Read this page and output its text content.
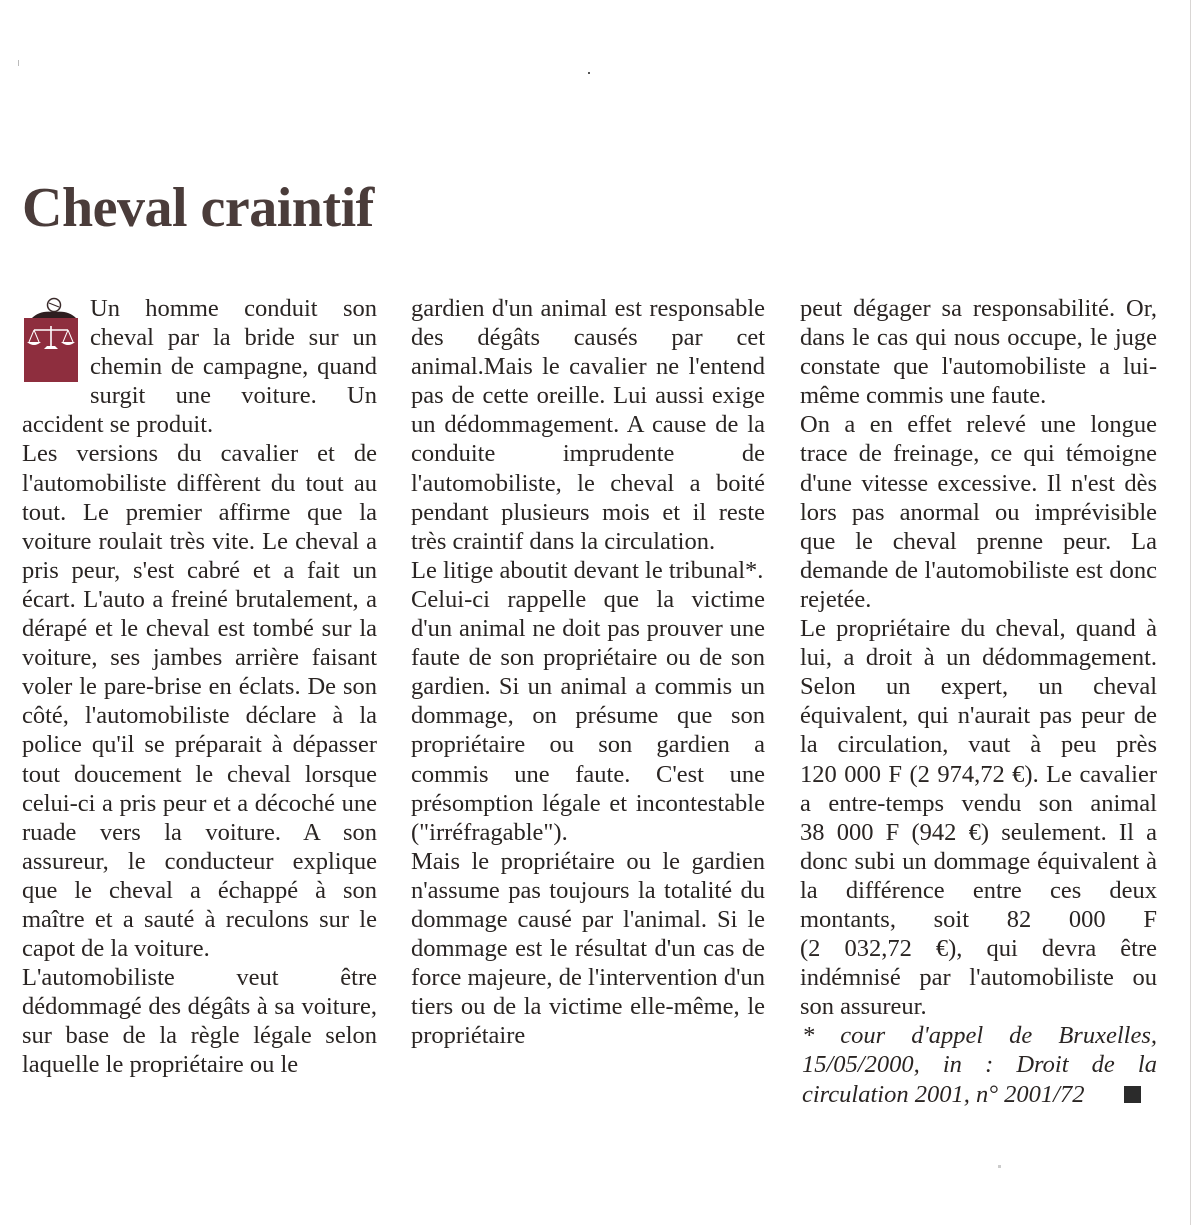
Cheval craintif

Un homme conduit son cheval par la bride sur un chemin de campagne, quand surgit une voiture. Un accident se produit.

Les versions du cavalier et de l'automobiliste diffèrent du tout au tout. Le premier affirme que la voiture roulait très vite. Le cheval a pris peur, s'est cabré et a fait un écart. L'auto a freiné brutalement, a dérapé et le cheval est tombé sur la voiture, ses jambes arrière faisant voler le pare-brise en éclats. De son côté, l'automobiliste déclare à la police qu'il se préparait à dépasser tout doucement le cheval lorsque celui-ci a pris peur et a décoché une ruade vers la voiture. A son assureur, le conducteur explique que le cheval a échappé à son maître et a sauté à reculons sur le capot de la voiture.

L'automobiliste veut être dédommagé des dégâts à sa voiture, sur base de la règle légale selon laquelle le propriétaire ou le

gardien d'un animal est responsable des dégâts causés par cet animal.Mais le cavalier ne l'entend pas de cette oreille. Lui aussi exige un dédommagement. A cause de la conduite imprudente de l'automobiliste, le cheval a boité pendant plusieurs mois et il reste très craintif dans la circulation.

Le litige aboutit devant le tribunal*.

Celui-ci rappelle que la victime d'un animal ne doit pas prouver une faute de son propriétaire ou de son gardien. Si un animal a commis un dommage, on présume que son propriétaire ou son gardien a commis une faute. C'est une présomption légale et incontestable ("irréfragable").

Mais le propriétaire ou le gardien n'assume pas toujours la totalité du dommage causé par l'animal. Si le dommage est le résultat d'un cas de force majeure, de l'intervention d'un tiers ou de la victime elle-même, le propriétaire

peut dégager sa responsabilité. Or, dans le cas qui nous occupe, le juge constate que l'automobiliste a lui-même commis une faute.

On a en effet relevé une longue trace de freinage, ce qui témoigne d'une vitesse excessive. Il n'est dès lors pas anormal ou imprévisible que le cheval prenne peur. La demande de l'automobiliste est donc rejetée.

Le propriétaire du cheval, quand à lui, a droit à un dédommagement. Selon un expert, un cheval équivalent, qui n'aurait pas peur de la circulation, vaut à peu près 120 000 F (2 974,72 €). Le cavalier a entre-temps vendu son animal 38 000 F (942 €) seulement. Il a donc subi un dommage équivalent à la différence entre ces deux montants, soit 82 000 F (2 032,72 €), qui devra être indémnisé par l'automobiliste ou son assureur.

* cour d'appel de Bruxelles, 15/05/2000, in : Droit de la circulation 2001, n° 2001/72
